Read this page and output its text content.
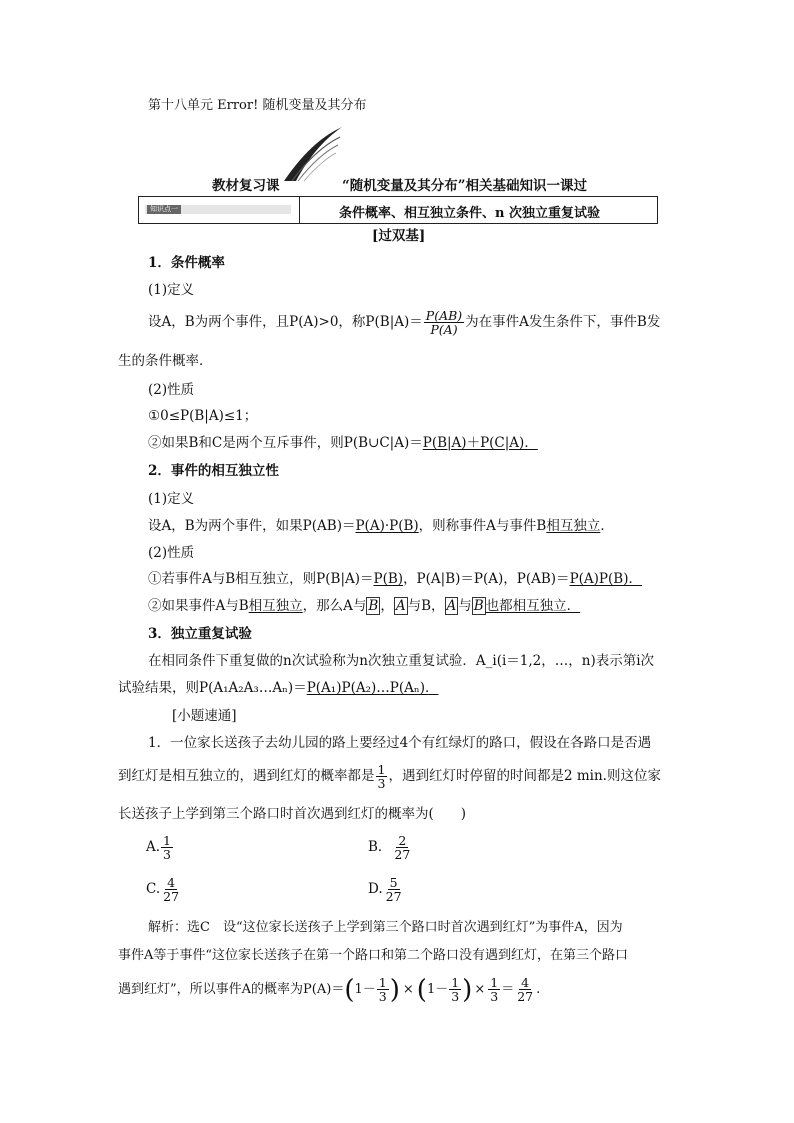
第十八单元 Error! 随机变量及其分布
教材复习课	“随机变量及其分布”相关基础知识一课过
知识点一	条件概率、相互独立条件、n 次独立重复试验
[过双基]
1．条件概率
(1)定义
设A，B为两个事件，且P(A)>0，称$P(B|A)= \frac{P(AB)}{P(A)}$ 为在事件A发生条件下，事件B发
生的条件概率．
(2)性质
①0≤P(B|A)≤1；
②如果B和C是两个互斥事件，则P(B∪C|A)＝P(B|A)＋P(C|A)．
2．事件的相互独立性
(1)定义
设A，B为两个事件，如果P(AB)＝P(A)·P(B)，则称事件A与事件B相互独立．
(2)性质
①若事件A与B相互独立，则P(B|A)＝P(B)，P(A|B)＝P(A)，P(AB)＝P(A)P(B)．
②如果事件A与B相互独立，那么A与 B ， A 与B， A 与 B 也都相互独立．
3．独立重复试验
在相同条件下重复做的n次试验称为n次独立重复试验．A_i(i＝1,2，…，n)表示第i次
试验结果，则P(A₁A₂A₃…Aₙ)＝P(A₁)P(A₂)…P(Aₙ)．
[小题速通]
1．一位家长送孩子去幼儿园的路上要经过4个有红绿灯的路口，假设在各路口是否遇
到红灯是相互独立的，遇到红灯的概率都是 $\frac{1}{3}$ ，遇到红灯时停留的时间都是2 min.则这位家
长送孩子上学到第三个路口时首次遇到红灯的概率为(　　)
A. $\frac{1}{3}$	B． $\frac{2}{27}$
C. $\frac{4}{27}$	D. $\frac{5}{27}$
解析：选C　设“这位家长送孩子上学到第三个路口时首次遇到红灯”为事件A，因为
事件A等于事件“这位家长送孩子在第一个路口和第二个路口没有遇到红灯，在第三个路口
遇到红灯”，所以事件A的概率为P(A)＝ ( $1- \frac{1}{3}$ ) × ( $1- \frac{1}{3}$ ) × $\frac{1}{3} = \frac{4}{27}$ .
